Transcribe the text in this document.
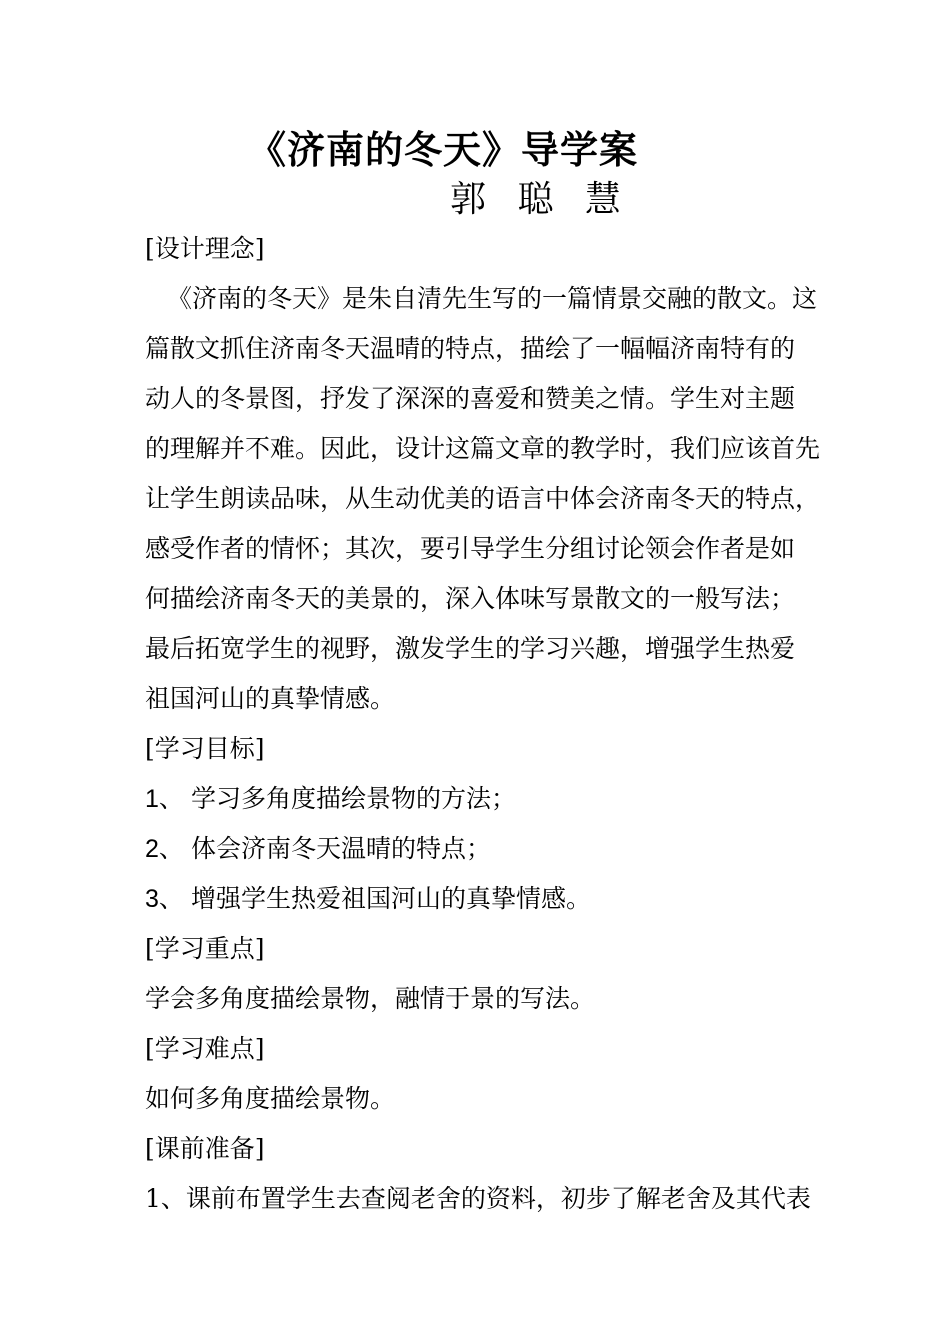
《济南的冬天》导学案
郭 聪 慧
[设计理念]
《济南的冬天》是朱自清先生写的一篇情景交融的散文。这
篇散文抓住济南冬天温晴的特点，描绘了一幅幅济南特有的
动人的冬景图，抒发了深深的喜爱和赞美之情。学生对主题
的理解并不难。因此，设计这篇文章的教学时，我们应该首先
让学生朗读品味，从生动优美的语言中体会济南冬天的特点，
感受作者的情怀；其次，要引导学生分组讨论领会作者是如
何描绘济南冬天的美景的，深入体味写景散文的一般写法；
最后拓宽学生的视野，激发学生的学习兴趣，增强学生热爱
祖国河山的真挚情感。
[学习目标]
1、 学习多角度描绘景物的方法；
2、 体会济南冬天温晴的特点；
3、 增强学生热爱祖国河山的真挚情感。
[学习重点]
学会多角度描绘景物，融情于景的写法。
[学习难点]
如何多角度描绘景物。
[课前准备]
1、课前布置学生去查阅老舍的资料，初步了解老舍及其代表
